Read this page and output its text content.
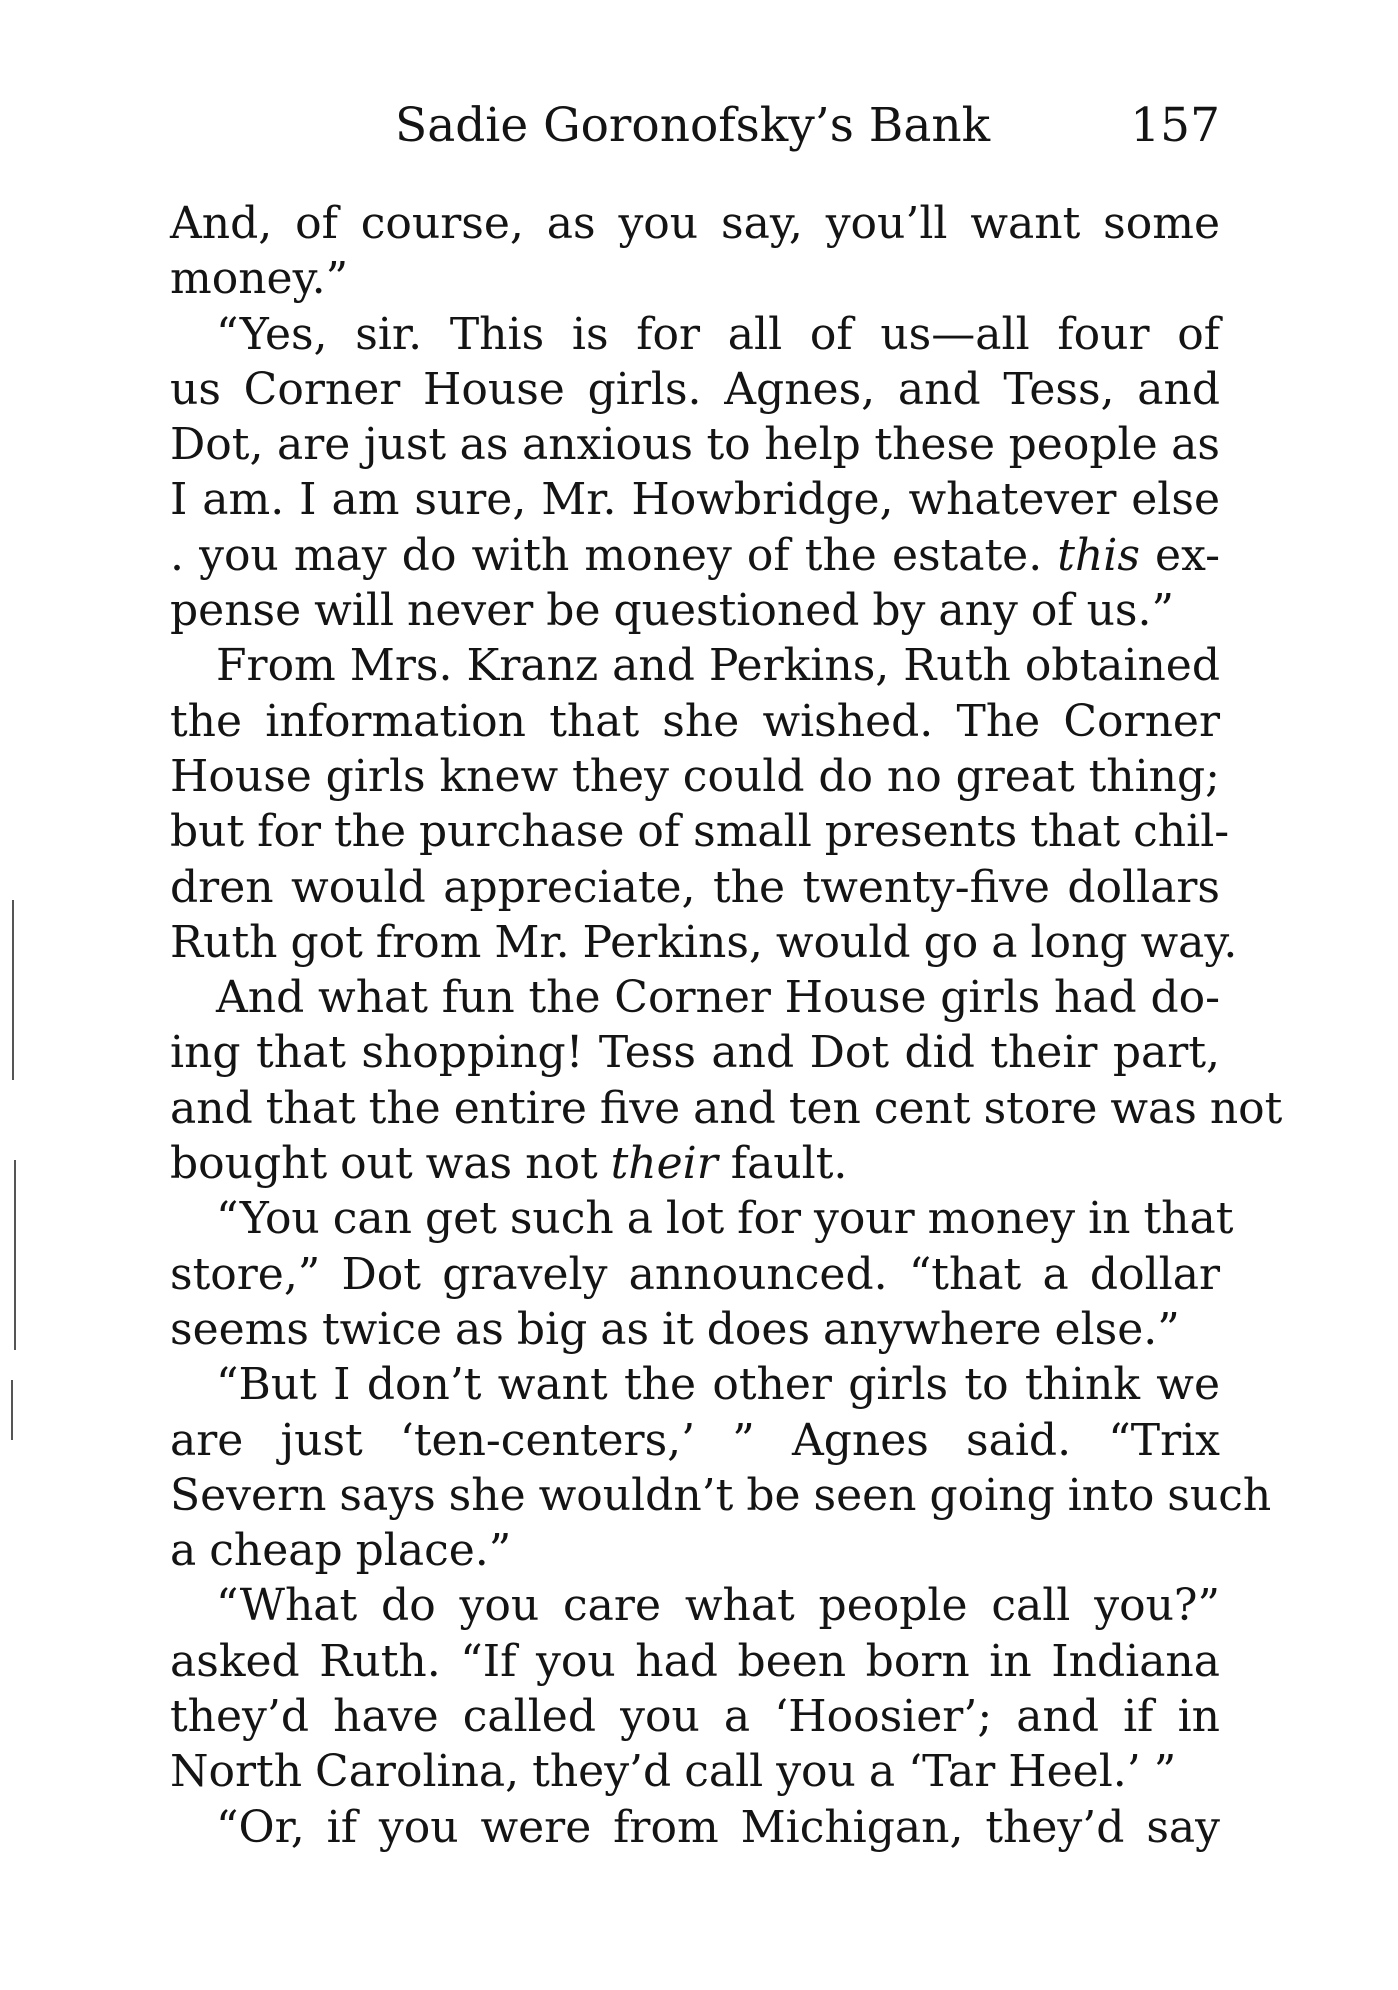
Sadie Goronofsky’s Bank	157
And, of course, as you say, you’ll want some
money.”
“Yes, sir. This is for all of us—all four of
us Corner House girls. Agnes, and Tess, and
Dot, are just as anxious to help these people as
I am. I am sure, Mr. Howbridge, whatever else
. you may do with money of the estate. this ex-
pense will never be questioned by any of us.”
From Mrs. Kranz and Perkins, Ruth obtained
the information that she wished. The Corner
House girls knew they could do no great thing;
but for the purchase of small presents that chil-
dren would appreciate, the twenty-five dollars
Ruth got from Mr. Perkins, would go a long way.
And what fun the Corner House girls had do-
ing that shopping! Tess and Dot did their part,
and that the entire five and ten cent store was not
bought out was not their fault.
“You can get such a lot for your money in that
store,” Dot gravely announced. “that a dollar
seems twice as big as it does anywhere else.”
“But I don’t want the other girls to think we
are just ‘ten-centers,’ ” Agnes said. “Trix
Severn says she wouldn’t be seen going into such
a cheap place.”
“What do you care what people call you?”
asked Ruth. “If you had been born in Indiana
they’d have called you a ‘Hoosier’; and if in
North Carolina, they’d call you a ‘Tar Heel.’ ”
“Or, if you were from Michigan, they’d say
